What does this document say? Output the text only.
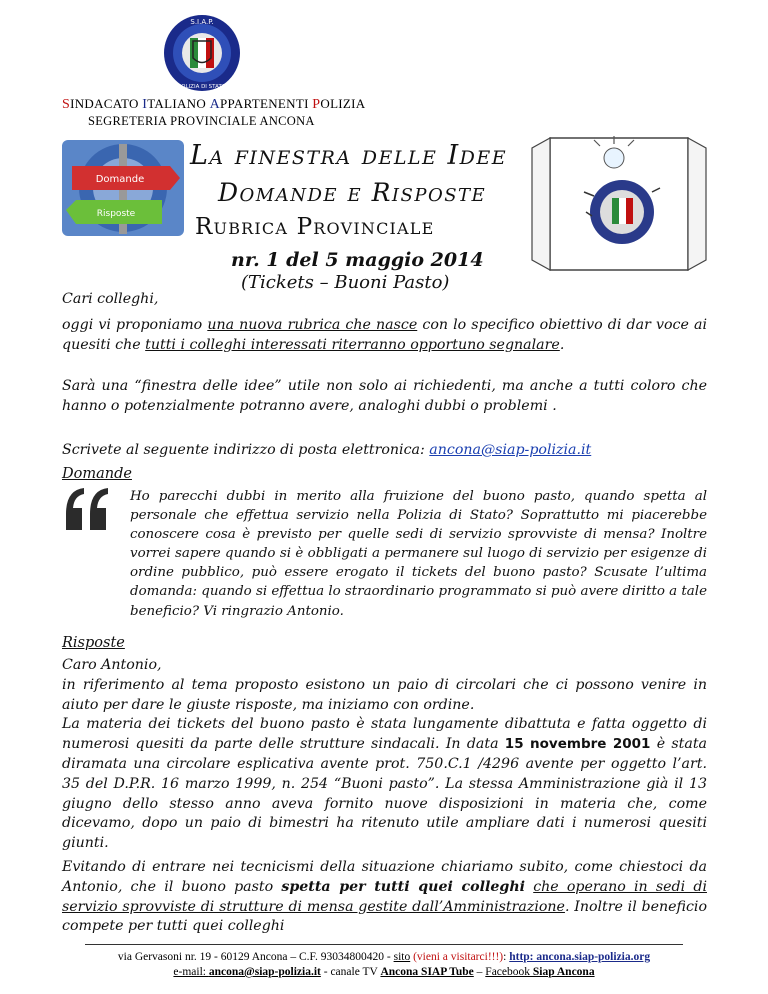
S.I.A.P.
POLIZIA DI STATO
SINDACATO ITALIANO APPARTENENTI POLIZIA
SEGRETERIA PROVINCIALE ANCONA
Domande
Risposte
La finestra delle Idee
Domande e Risposte
Rubrica Provinciale
nr. 1 del 5 maggio 2014
(Tickets – Buoni Pasto)
Cari colleghi,
oggi vi proponiamo una nuova rubrica che nasce con lo specifico obiettivo di dar voce ai quesiti che tutti i colleghi interessati riterranno opportuno segnalare.
Sarà una “finestra delle idee” utile non solo ai richiedenti, ma anche a tutti coloro che hanno o potenzialmente potranno avere, analoghi dubbi o problemi .
Scrivete al seguente indirizzo di posta elettronica: ancona@siap-polizia.it
Domande
Ho parecchi dubbi in merito alla fruizione del buono pasto, quando spetta al personale che effettua servizio nella Polizia di Stato? Soprattutto mi piacerebbe conoscere cosa è previsto per quelle sedi di servizio sprovviste di mensa? Inoltre vorrei sapere quando si è obbligati a permanere sul luogo di servizio per esigenze di ordine pubblico, può essere erogato il tickets del buono pasto? Scusate l’ultima domanda: quando si effettua lo straordinario programmato si può avere diritto a tale beneficio? Vi ringrazio Antonio.
Risposte

Caro Antonio,

in riferimento al tema proposto esistono un paio di circolari che ci possono venire in aiuto per dare le giuste risposte, ma iniziamo con ordine.

La materia dei tickets del buono pasto è stata lungamente dibattuta e fatta oggetto di numerosi quesiti da parte delle strutture sindacali. In data 15 novembre 2001 è stata diramata una circolare esplicativa avente prot. 750.C.1 /4296 avente per oggetto l’art. 35 del D.P.R. 16 marzo 1999, n. 254 “Buoni pasto”. La stessa Amministrazione già il 13 giugno dello stesso anno aveva fornito nuove disposizioni in materia che, come dicevamo, dopo un paio di bimestri ha ritenuto utile ampliare dati i numerosi quesiti giunti.

Evitando di entrare nei tecnicismi della situazione chiariamo subito, come chiestoci da Antonio, che il buono pasto spetta per tutti quei colleghi che operano in sedi di servizio sprovviste di strutture di mensa gestite dall’Amministrazione. Inoltre il beneficio compete per tutti quei colleghi

via Gervasoni nr. 19 - 60129 Ancona – C.F. 93034800420 - sito (vieni a visitarci!!!): http: ancona.siap-polizia.org
e-mail: ancona@siap-polizia.it - canale TV Ancona SIAP Tube – Facebook Siap Ancona
